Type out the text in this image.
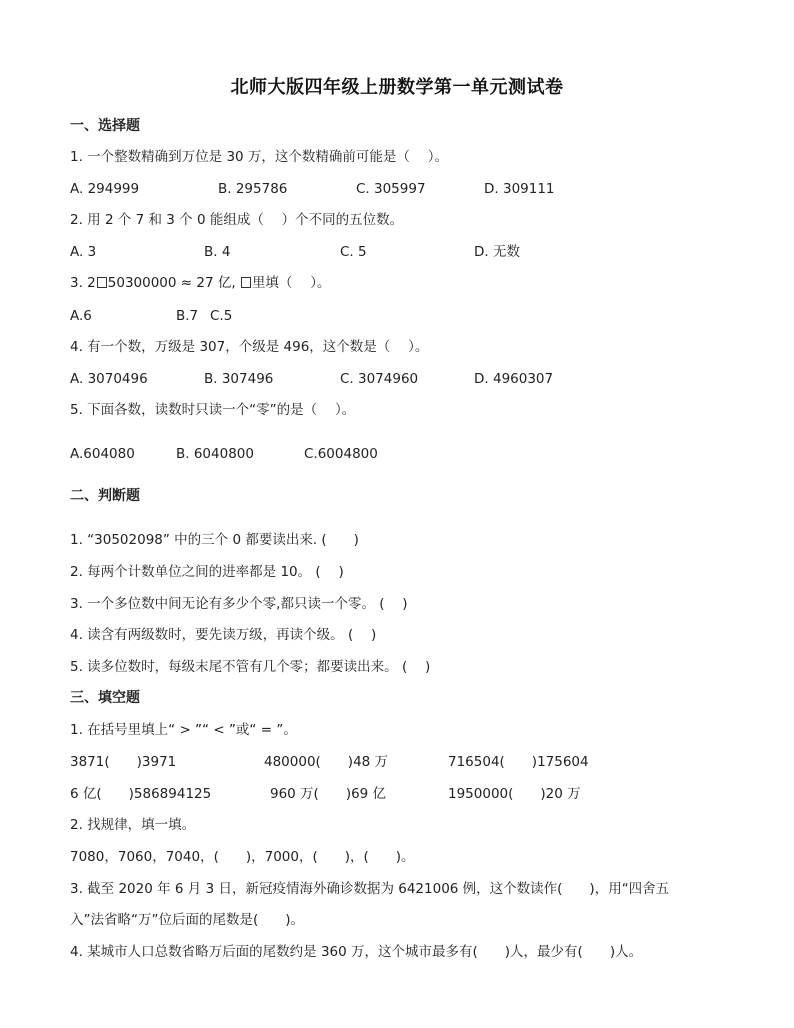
北师大版四年级上册数学第一单元测试卷
一、选择题
1. 一个整数精确到万位是 30 万，这个数精确前可能是（　 ）。
A. 294999	B. 295786	C. 305997	D. 309111
2. 用 2 个 7 和 3 个 0 能组成（　 ）个不同的五位数。
A. 3	B. 4	C. 5	D. 无数
3. 2 50300000 ≈ 27 亿, 里填（　 ）。
A.6	B.7 C.5
4. 有一个数，万级是 307，个级是 496，这个数是（　 ）。
A. 3070496	B. 307496	C. 3074960	D. 4960307
5. 下面各数，读数时只读一个“零”的是（　 ）。
A.604080	B. 6040800	C.6004800
二、判断题
1. “30502098” 中的三个 0 都要读出来. (　　)
2. 每两个计数单位之间的进率都是 10。 (　 )
3. 一个多位数中间无论有多少个零,都只读一个零。 (　 )
4. 读含有两级数时，要先读万级，再读个级。 (　 )
5. 读多位数时，每级末尾不管有几个零；都要读出来。 (　 )
三、填空题
1. 在括号里填上“ > ”“ < ”或“ = ”。
3871(　　)3971	480000(　　)48 万	716504(　　)175604
6 亿(　　)586894125	960 万(　　)69 亿	1950000(　　)20 万
2. 找规律，填一填。
7080，7060，7040，(　　)，7000，(　　)，(　　)。
3. 截至 2020 年 6 月 3 日，新冠疫情海外确诊数据为 6421006 例，这个数读作(　　)，用“四舍五
入”法省略“万”位后面的尾数是(　　)。
4. 某城市人口总数省略万后面的尾数约是 360 万，这个城市最多有(　　)人，最少有(　　)人。
